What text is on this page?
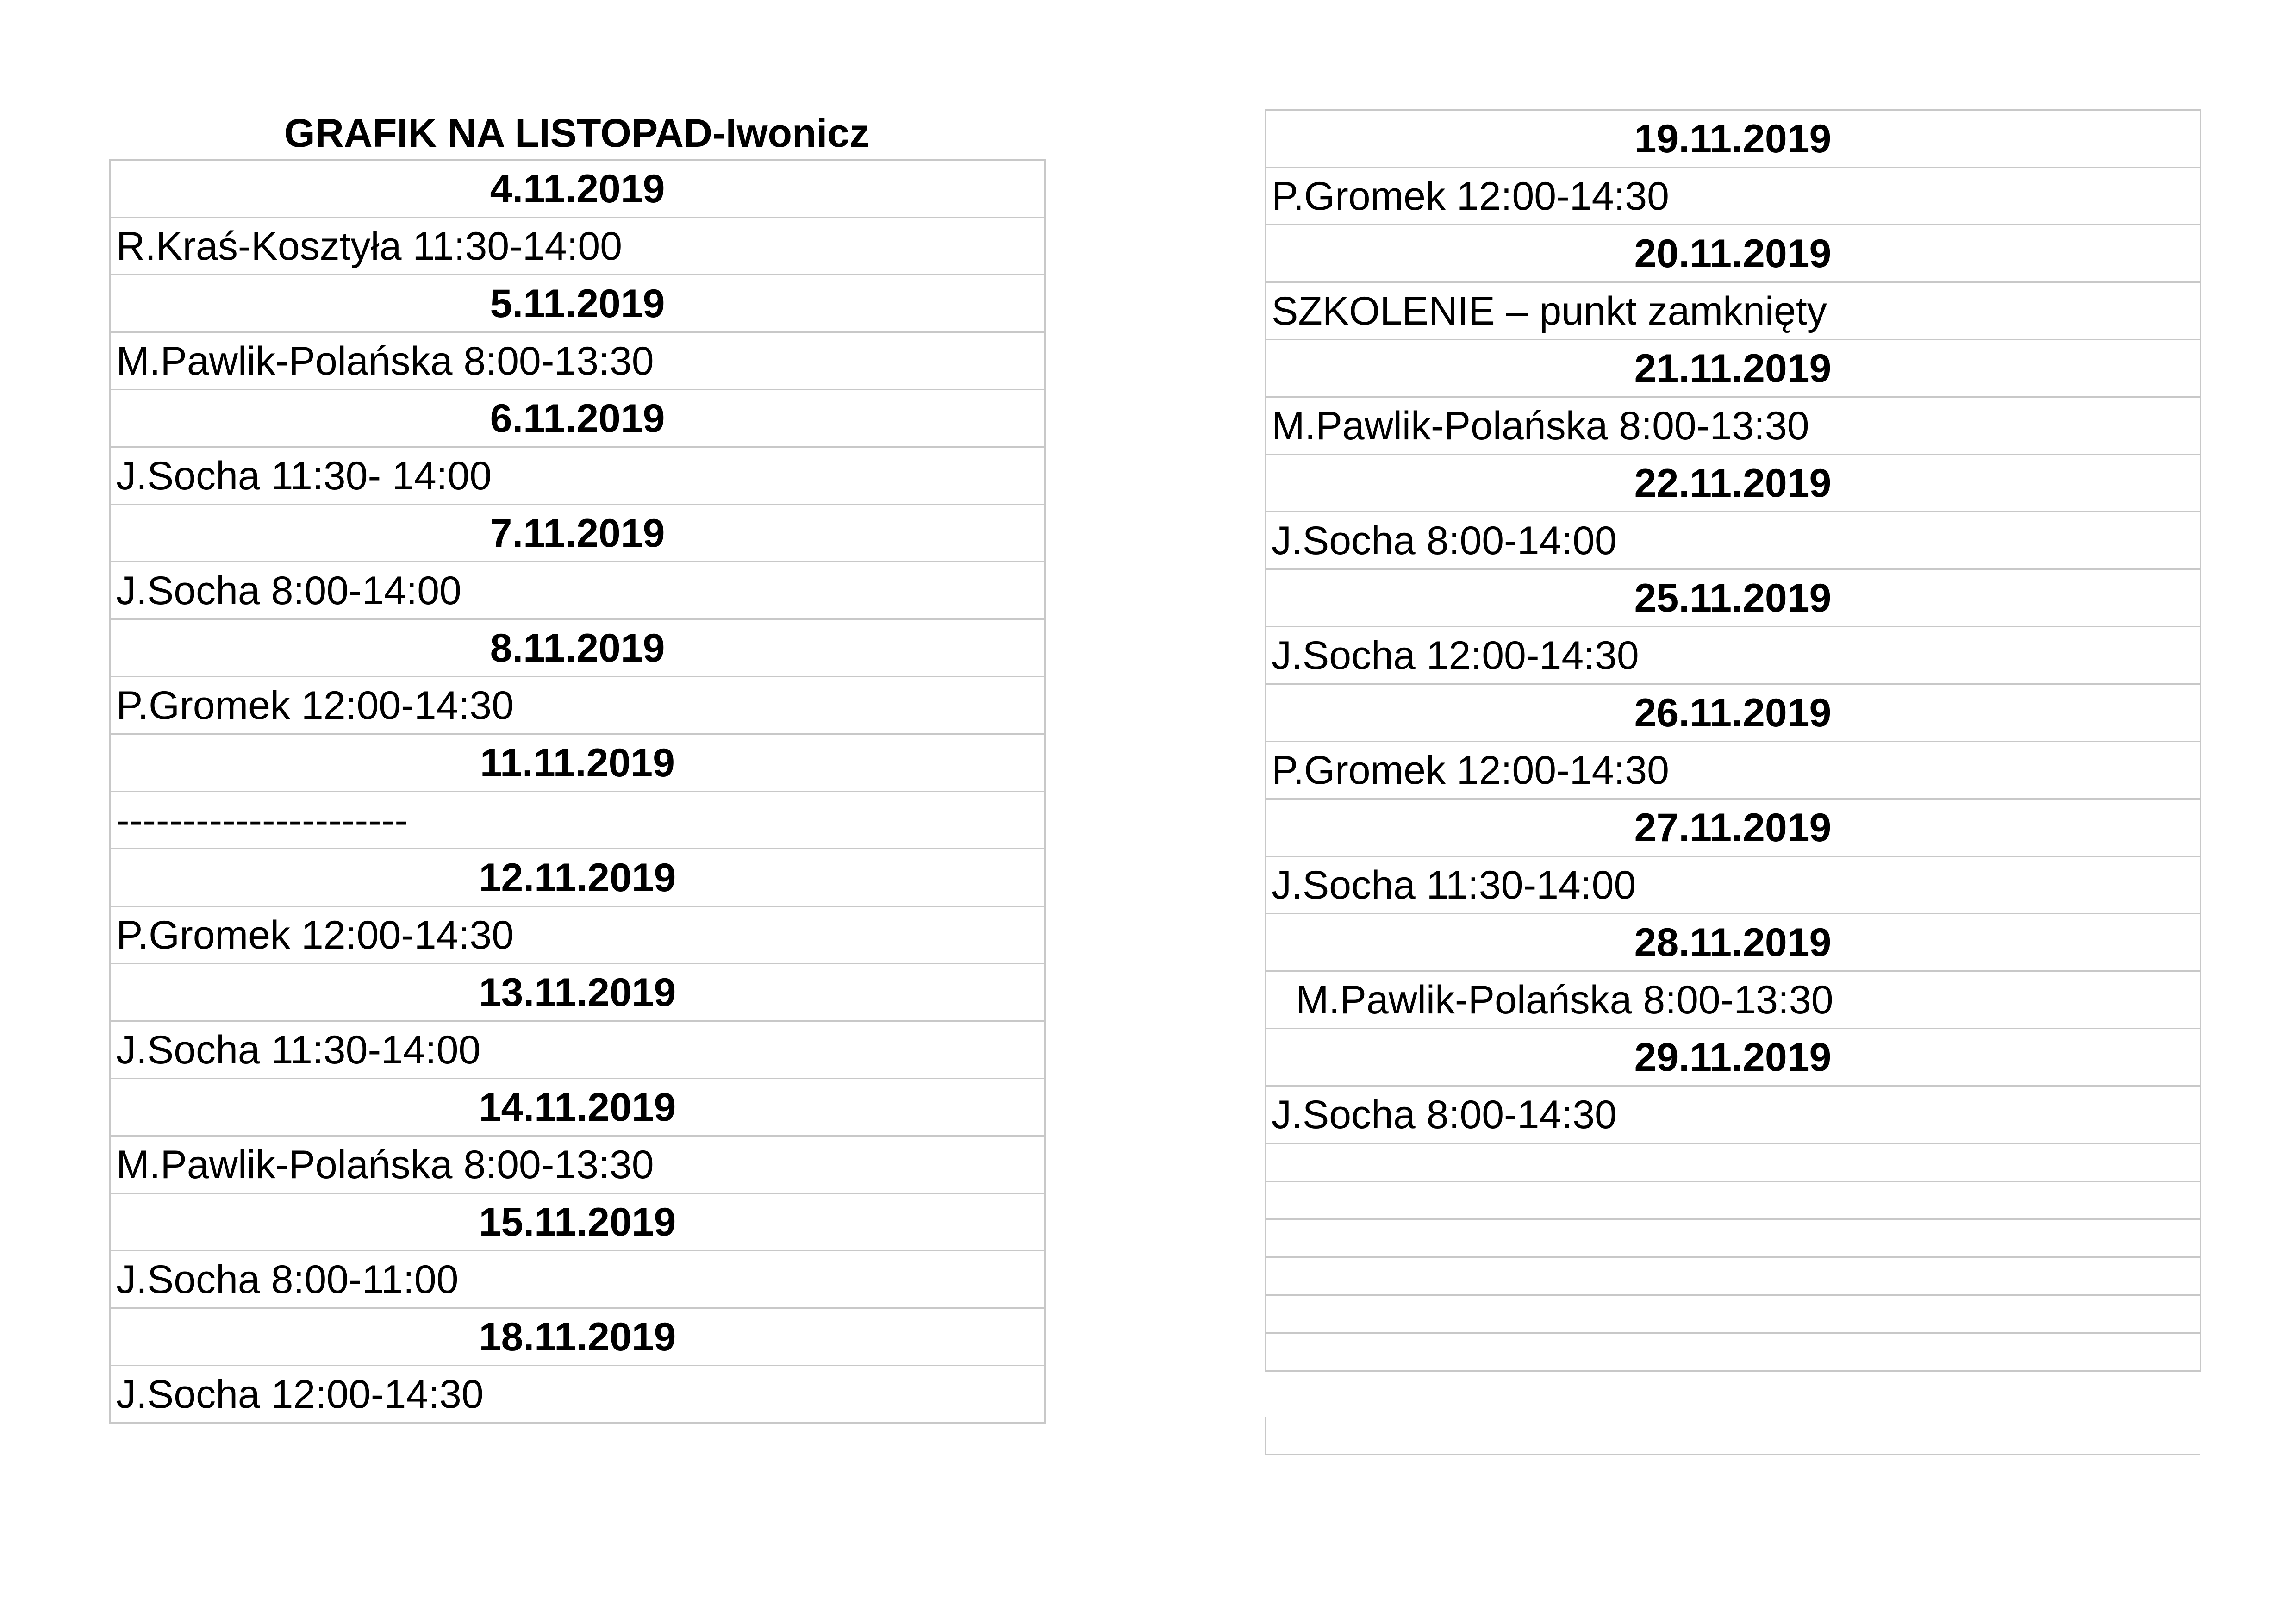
GRAFIK NA LISTOPAD-Iwonicz
4.11.2019
R.Kraś-Kosztyła 11:30-14:00
5.11.2019
M.Pawlik-Polańska 8:00-13:30
6.11.2019
J.Socha 11:30- 14:00
7.11.2019
J.Socha 8:00-14:00
8.11.2019
P.Gromek 12:00-14:30
11.11.2019
----------------------
12.11.2019
P.Gromek 12:00-14:30
13.11.2019
J.Socha 11:30-14:00
14.11.2019
M.Pawlik-Polańska 8:00-13:30
15.11.2019
J.Socha 8:00-11:00
18.11.2019
J.Socha 12:00-14:30
19.11.2019
P.Gromek 12:00-14:30
20.11.2019
SZKOLENIE – punkt zamknięty
21.11.2019
M.Pawlik-Polańska 8:00-13:30
22.11.2019
J.Socha 8:00-14:00
25.11.2019
J.Socha 12:00-14:30
26.11.2019
P.Gromek 12:00-14:30
27.11.2019
J.Socha 11:30-14:00
28.11.2019
M.Pawlik-Polańska 8:00-13:30
29.11.2019
J.Socha 8:00-14:30
